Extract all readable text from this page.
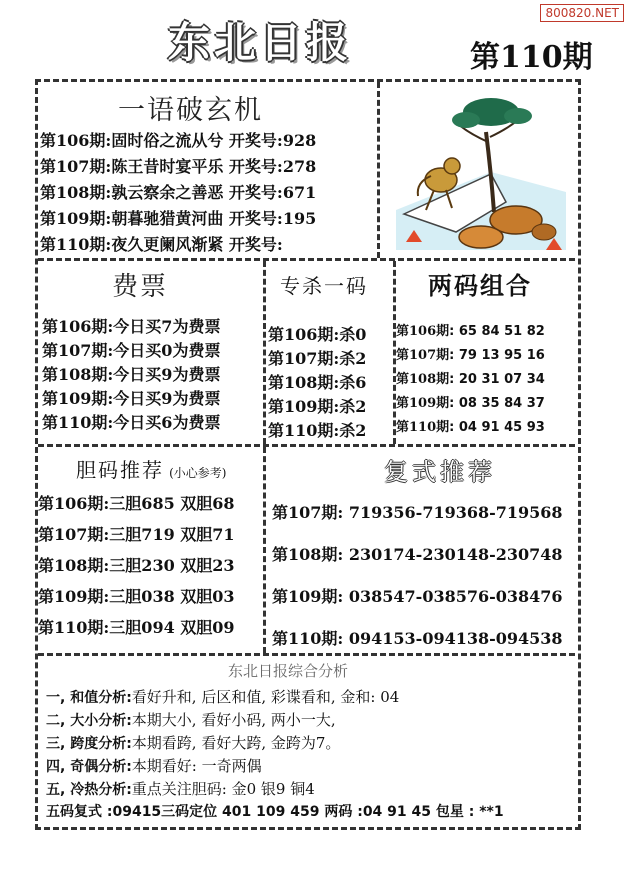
800820.NET
东北日报	第110期
一语破玄机
第106期:固时俗之流从兮 开奖号:928
第107期:陈王昔时宴平乐 开奖号:278
第108期:孰云察余之善恶 开奖号:671
第109期:朝暮驰猎黄河曲 开奖号:195
第110期:夜久更阑风渐紧 开奖号:
费票
第106期:今日买7为费票
第107期:今日买0为费票
第108期:今日买9为费票
第109期:今日买9为费票
第110期:今日买6为费票
专杀一码
第106期:杀0
第107期:杀2
第108期:杀6
第109期:杀2
第110期:杀2
两码组合
第106期: 65 84 51 82
第107期: 79 13 95 16
第108期: 20 31 07 34
第109期: 08 35 84 37
第110期: 04 91 45 93
胆码推荐 (小心参考)
第106期:三胆685 双胆68
第107期:三胆719 双胆71
第108期:三胆230 双胆23
第109期:三胆038 双胆03
第110期:三胆094 双胆09
复式推荐
第107期: 719356-719368-719568
第108期: 230174-230148-230748
第109期: 038547-038576-038476
第110期: 094153-094138-094538
东北日报综合分析
一, 和值分析:看好升和, 后区和值, 彩谍看和, 金和: 04
二, 大小分析:本期大小, 看好小码, 两小一大,
三, 跨度分析:本期看跨, 看好大跨, 金跨为7。
四, 奇偶分析:本期看好: 一奇两偶
五, 冷热分析:重点关注胆码: 金0 银9 铜4
五码复式 :09415三码定位 401 109 459 两码 :04 91 45 包星 : **1
